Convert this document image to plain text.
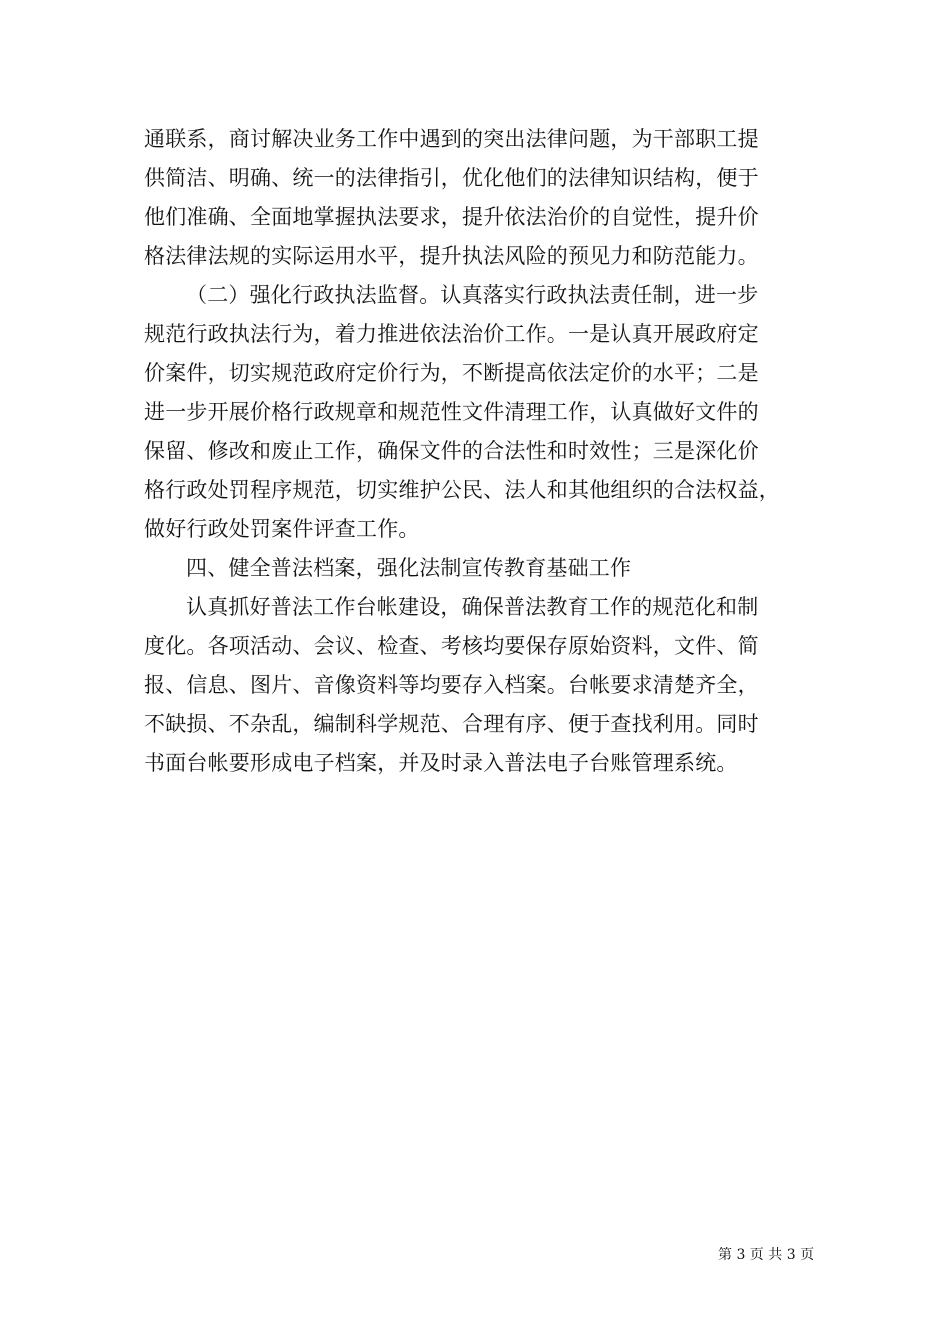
通联系，商讨解决业务工作中遇到的突出法律问题，为干部职工提
供简洁、明确、统一的法律指引，优化他们的法律知识结构，便于
他们准确、全面地掌握执法要求，提升依法治价的自觉性，提升价
格法律法规的实际运用水平，提升执法风险的预见力和防范能力。
（二）强化行政执法监督。认真落实行政执法责任制，进一步
规范行政执法行为，着力推进依法治价工作。一是认真开展政府定
价案件，切实规范政府定价行为，不断提高依法定价的水平；二是
进一步开展价格行政规章和规范性文件清理工作，认真做好文件的
保留、修改和废止工作，确保文件的合法性和时效性；三是深化价
格行政处罚程序规范，切实维护公民、法人和其他组织的合法权益，
做好行政处罚案件评查工作。
四、健全普法档案，强化法制宣传教育基础工作
认真抓好普法工作台帐建设，确保普法教育工作的规范化和制
度化。各项活动、会议、检查、考核均要保存原始资料，文件、简
报、信息、图片、音像资料等均要存入档案。台帐要求清楚齐全，
不缺损、不杂乱，编制科学规范、合理有序、便于查找利用。同时
书面台帐要形成电子档案，并及时录入普法电子台账管理系统。
第 3 页 共 3 页
